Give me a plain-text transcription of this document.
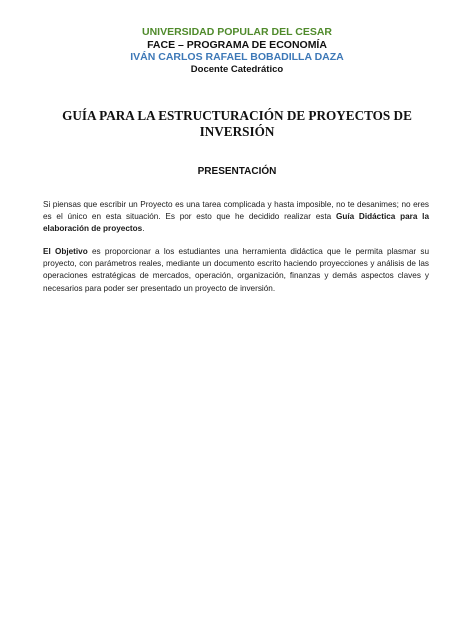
UNIVERSIDAD POPULAR DEL CESAR
FACE – PROGRAMA DE ECONOMÍA
IVÁN CARLOS RAFAEL BOBADILLA DAZA
Docente Catedrático
GUÍA PARA LA ESTRUCTURACIÓN DE PROYECTOS DE INVERSIÓN
PRESENTACIÓN
Si piensas que escribir un Proyecto es una tarea complicada y hasta imposible, no te desanimes; no eres es el único en esta situación. Es por esto que he decidido realizar esta Guía Didáctica para la elaboración de proyectos.
El Objetivo es proporcionar a los estudiantes una herramienta didáctica que le permita plasmar su proyecto, con parámetros reales, mediante un documento escrito haciendo proyecciones y análisis de las operaciones estratégicas de mercados, operación, organización, finanzas y demás aspectos claves y necesarios para poder ser presentado un proyecto de inversión.
